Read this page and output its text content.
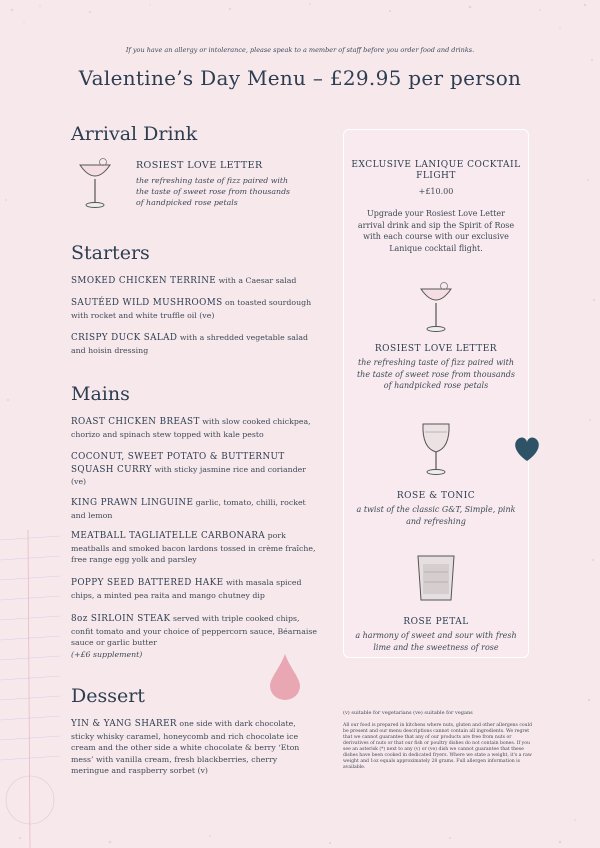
If you have an allergy or intolerance, please speak to a member of staff before you order food and drinks.
Valentine’s Day Menu – £29.95 per person
Arrival Drink
ROSIEST LOVE LETTER
the refreshing taste of fizz paired with the taste of sweet rose from thousands of handpicked rose petals
Starters
SMOKED CHICKEN TERRINE with a Caesar salad
SAUTÉED WILD MUSHROOMS on toasted sourdough with rocket and white truffle oil (ve)
CRISPY DUCK SALAD with a shredded vegetable salad and hoisin dressing
Mains
ROAST CHICKEN BREAST with slow cooked chickpea, chorizo and spinach stew topped with kale pesto
COCONUT, SWEET POTATO & BUTTERNUT SQUASH CURRY with sticky jasmine rice and coriander (ve)
KING PRAWN LINGUINE garlic, tomato, chilli, rocket and lemon
MEATBALL TAGLIATELLE CARBONARA pork meatballs and smoked bacon lardons tossed in crème fraîche, free range egg yolk and parsley
POPPY SEED BATTERED HAKE with masala spiced chips, a minted pea raita and mango chutney dip
8oz SIRLOIN STEAK served with triple cooked chips, confit tomato and your choice of peppercorn sauce, Béarnaise sauce or garlic butter
(+£6 supplement)
Dessert
YIN & YANG SHARER one side with dark chocolate, sticky whisky caramel, honeycomb and rich chocolate ice cream and the other side a white chocolate & berry ‘Eton mess’ with vanilla cream, fresh blackberries, cherry meringue and raspberry sorbet (v)
EXCLUSIVE LANIQUE COCKTAIL FLIGHT
+£10.00
Upgrade your Rosiest Love Letter arrival drink and sip the Spirit of Rose with each course with our exclusive Lanique cocktail flight.
ROSIEST LOVE LETTER
the refreshing taste of fizz paired with the taste of sweet rose from thousands of handpicked rose petals
ROSE & TONIC
a twist of the classic G&T, Simple, pink and refreshing
ROSE PETAL
a harmony of sweet and sour with fresh lime and the sweetness of rose
(v) suitable for vegetarians (ve) suitable for vegans
All our food is prepared in kitchens where nuts, gluten and other allergens could be present and our menu descriptions cannot contain all ingredients. We regret that we cannot guarantee that any of our products are free from nuts or derivatives of nuts or that our fish or poultry dishes do not contain bones. If you see an asterisk (*) next to any (v) or (ve) dish we cannot guarantee that these dishes have been cooked in dedicated fryers. Where we state a weight, it's a raw weight and 1oz equals approximately 28 grams. Full allergen information is available.
